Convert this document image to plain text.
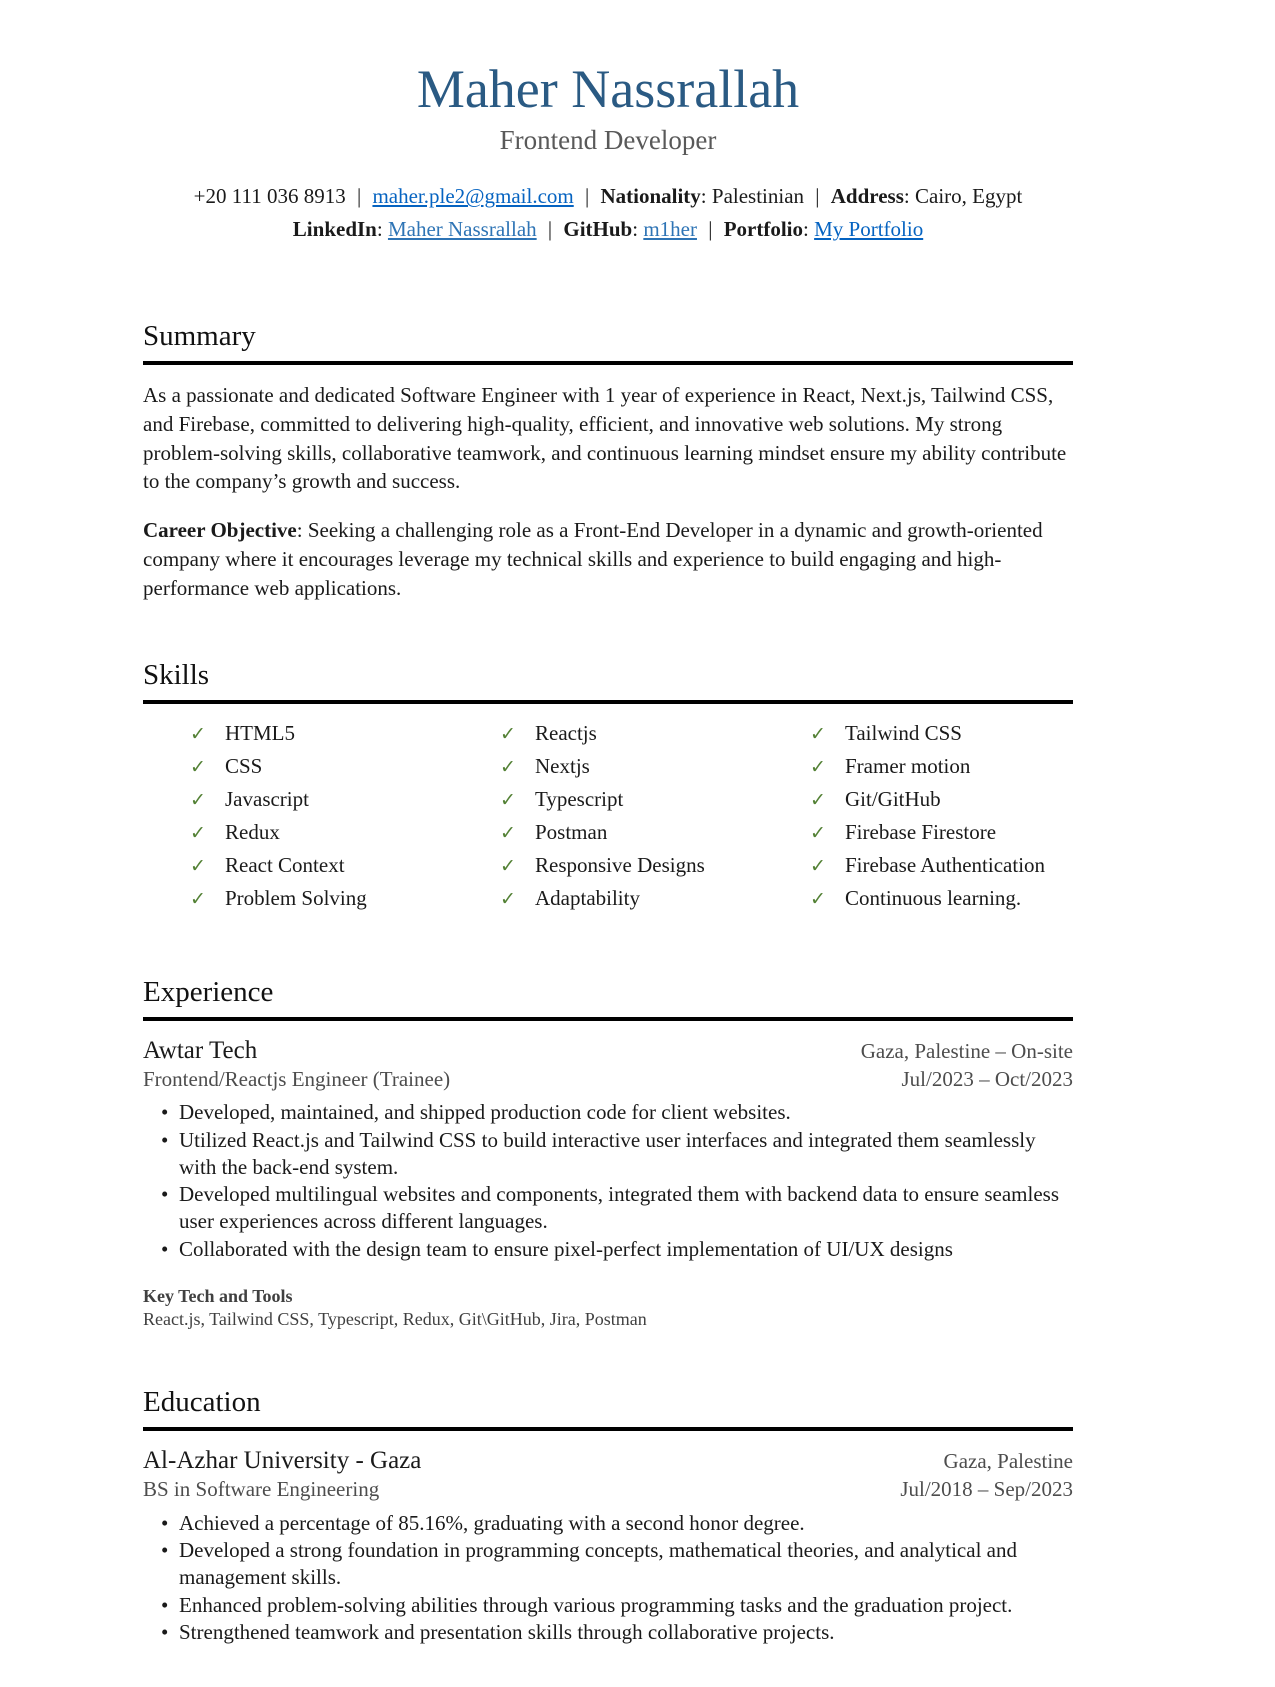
Maher Nassrallah
Frontend Developer
+20 111 036 8913 | maher.ple2@gmail.com | Nationality: Palestinian | Address: Cairo, Egypt
LinkedIn: Maher Nassrallah | GitHub: m1her | Portfolio: My Portfolio
Summary

As a passionate and dedicated Software Engineer with 1 year of experience in React, Next.js, Tailwind CSS, and Firebase, committed to delivering high-quality, efficient, and innovative web solutions. My strong problem-solving skills, collaborative teamwork, and continuous learning mindset ensure my ability contribute to the company’s growth and success.

Career Objective: Seeking a challenging role as a Front-End Developer in a dynamic and growth-oriented company where it encourages leverage my technical skills and experience to build engaging and high-performance web applications.

Skills
✓ HTML5
✓ CSS
✓ Javascript
✓ Redux
✓ React Context
✓ Problem Solving
✓ Reactjs
✓ Nextjs
✓ Typescript
✓ Postman
✓ Responsive Designs
✓ Adaptability
✓ Tailwind CSS
✓ Framer motion
✓ Git/GitHub
✓ Firebase Firestore
✓ Firebase Authentication
✓ Continuous learning.
Experience
Awtar Tech	Gaza, Palestine – On-site
Frontend/Reactjs Engineer (Trainee)	Jul/2023 – Oct/2023
• Developed, maintained, and shipped production code for client websites.
• Utilized React.js and Tailwind CSS to build interactive user interfaces and integrated them seamlessly with the back-end system.
• Developed multilingual websites and components, integrated them with backend data to ensure seamless user experiences across different languages.
• Collaborated with the design team to ensure pixel-perfect implementation of UI/UX designs
Key Tech and Tools
React.js, Tailwind CSS, Typescript, Redux, Git\GitHub, Jira, Postman
Education
Al-Azhar University - Gaza	Gaza, Palestine
BS in Software Engineering	Jul/2018 – Sep/2023
• Achieved a percentage of 85.16%, graduating with a second honor degree.
• Developed a strong foundation in programming concepts, mathematical theories, and analytical and management skills.
• Enhanced problem-solving abilities through various programming tasks and the graduation project.
• Strengthened teamwork and presentation skills through collaborative projects.
